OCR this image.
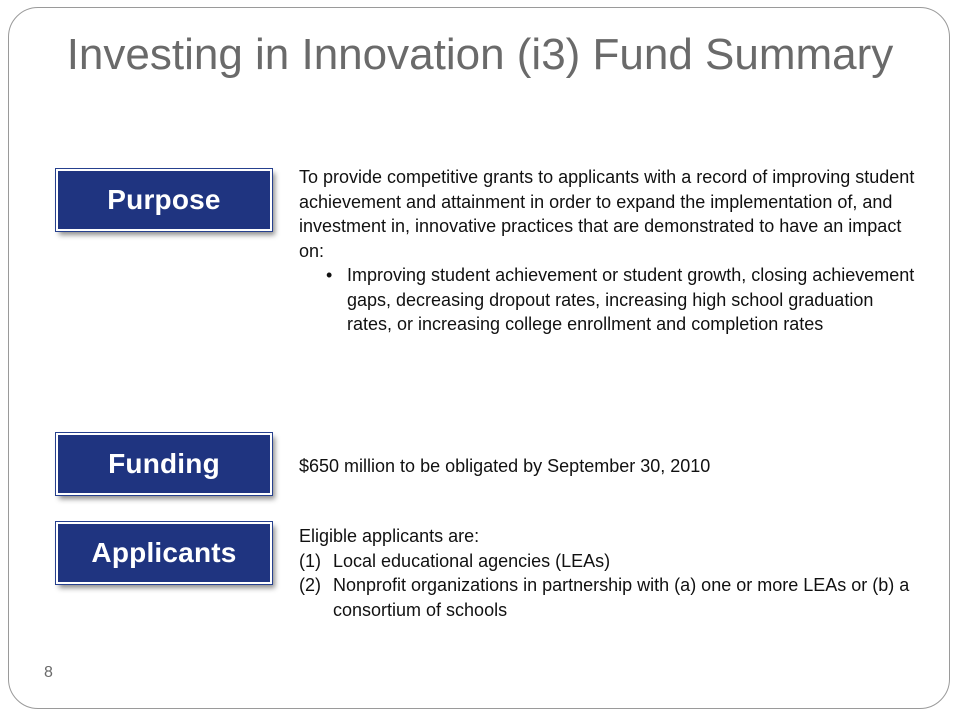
Investing in Innovation (i3) Fund Summary
Purpose
To provide competitive grants to applicants with a record of improving student achievement and attainment in order to expand the implementation of, and investment in, innovative practices that are demonstrated to have an impact on:
• Improving student achievement or student growth, closing achievement gaps, decreasing dropout rates, increasing high school graduation rates, or increasing college enrollment and completion rates
Funding	$650 million to be obligated by September 30, 2010
Applicants
Eligible applicants are:
(1) Local educational agencies (LEAs)
(2) Nonprofit organizations in partnership with (a) one or more LEAs or (b) a consortium of schools
8
